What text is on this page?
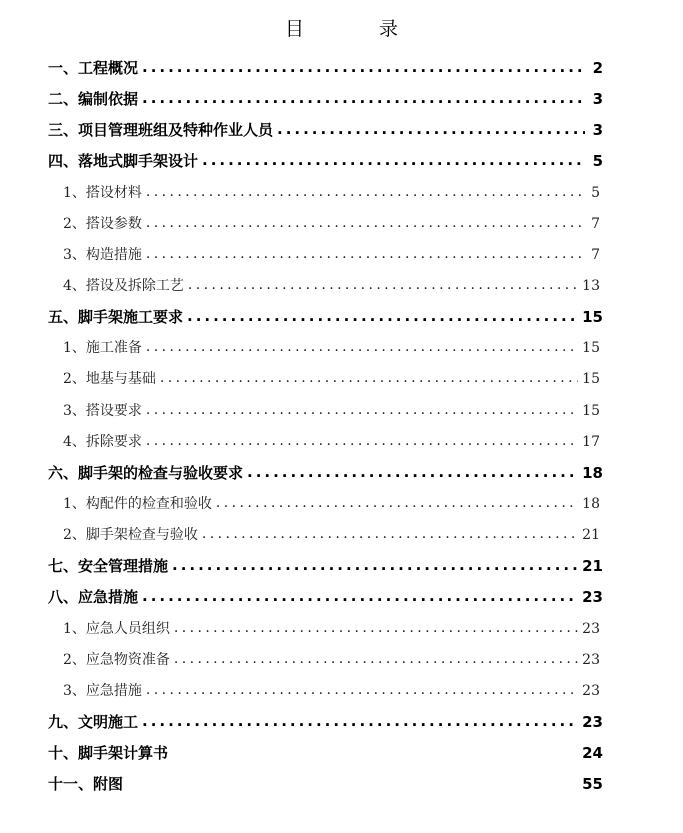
目　录
一、工程概况 .....	2
二、编制依据 .....	3
三、项目管理班组及特种作业人员 .....	3
四、落地式脚手架设计 .....	5
1、搭设材料 .....	5
2、搭设参数 .....	7
3、构造措施 .....	7
4、搭设及拆除工艺 .....	13
五、脚手架施工要求 .....	15
1、施工准备 .....	15
2、地基与基础 .....	15
3、搭设要求 .....	15
4、拆除要求 .....	17
六、脚手架的检查与验收要求 .....	18
1、构配件的检查和验收 .....	18
2、脚手架检查与验收 .....	21
七、安全管理措施 .....	21
八、应急措施 .....	23
1、应急人员组织 .....	23
2、应急物资准备 .....	23
3、应急措施 .....	23
九、文明施工 .....	23
十、脚手架计算书	24
十一、附图	55
